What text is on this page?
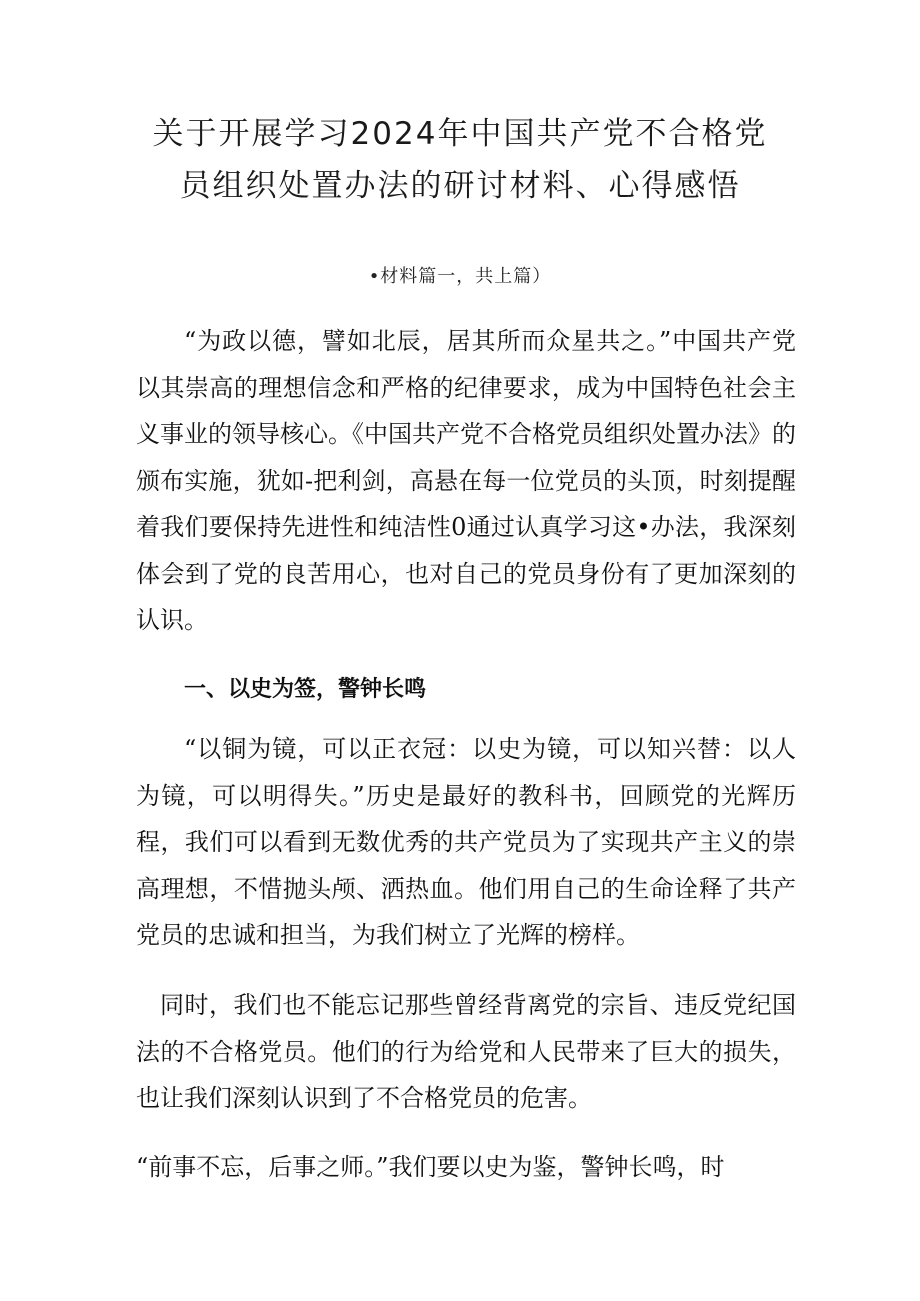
关于开展学习2024年中国共产党不合格党
员组织处置办法的研讨材料、心得感悟
•材料篇一，共上篇）

“为政以德，譬如北辰，居其所而众星共之。”中国共产党以其崇高的理想信念和严格的纪律要求，成为中国特色社会主义事业的领导核心。《中国共产党不合格党员组织处置办法》的颁布实施，犹如-把利剑，高悬在每一位党员的头顶，时刻提醒着我们要保持先进性和纯洁性0通过认真学习这•办法，我深刻体会到了党的良苦用心，也对自己的党员身份有了更加深刻的认识。

一、以史为签，警钟长鸣

“以铜为镜，可以正衣冠：以史为镜，可以知兴替：以人为镜，可以明得失。”历史是最好的教科书，回顾党的光辉历程，我们可以看到无数优秀的共产党员为了实现共产主义的崇高理想，不惜抛头颅、洒热血。他们用自己的生命诠释了共产党员的忠诚和担当，为我们树立了光辉的榜样。

同时，我们也不能忘记那些曾经背离党的宗旨、违反党纪国法的不合格党员。他们的行为给党和人民带来了巨大的损失，也让我们深刻认识到了不合格党员的危害。

“前事不忘，后事之师。”我们要以史为鉴，警钟长鸣，时
